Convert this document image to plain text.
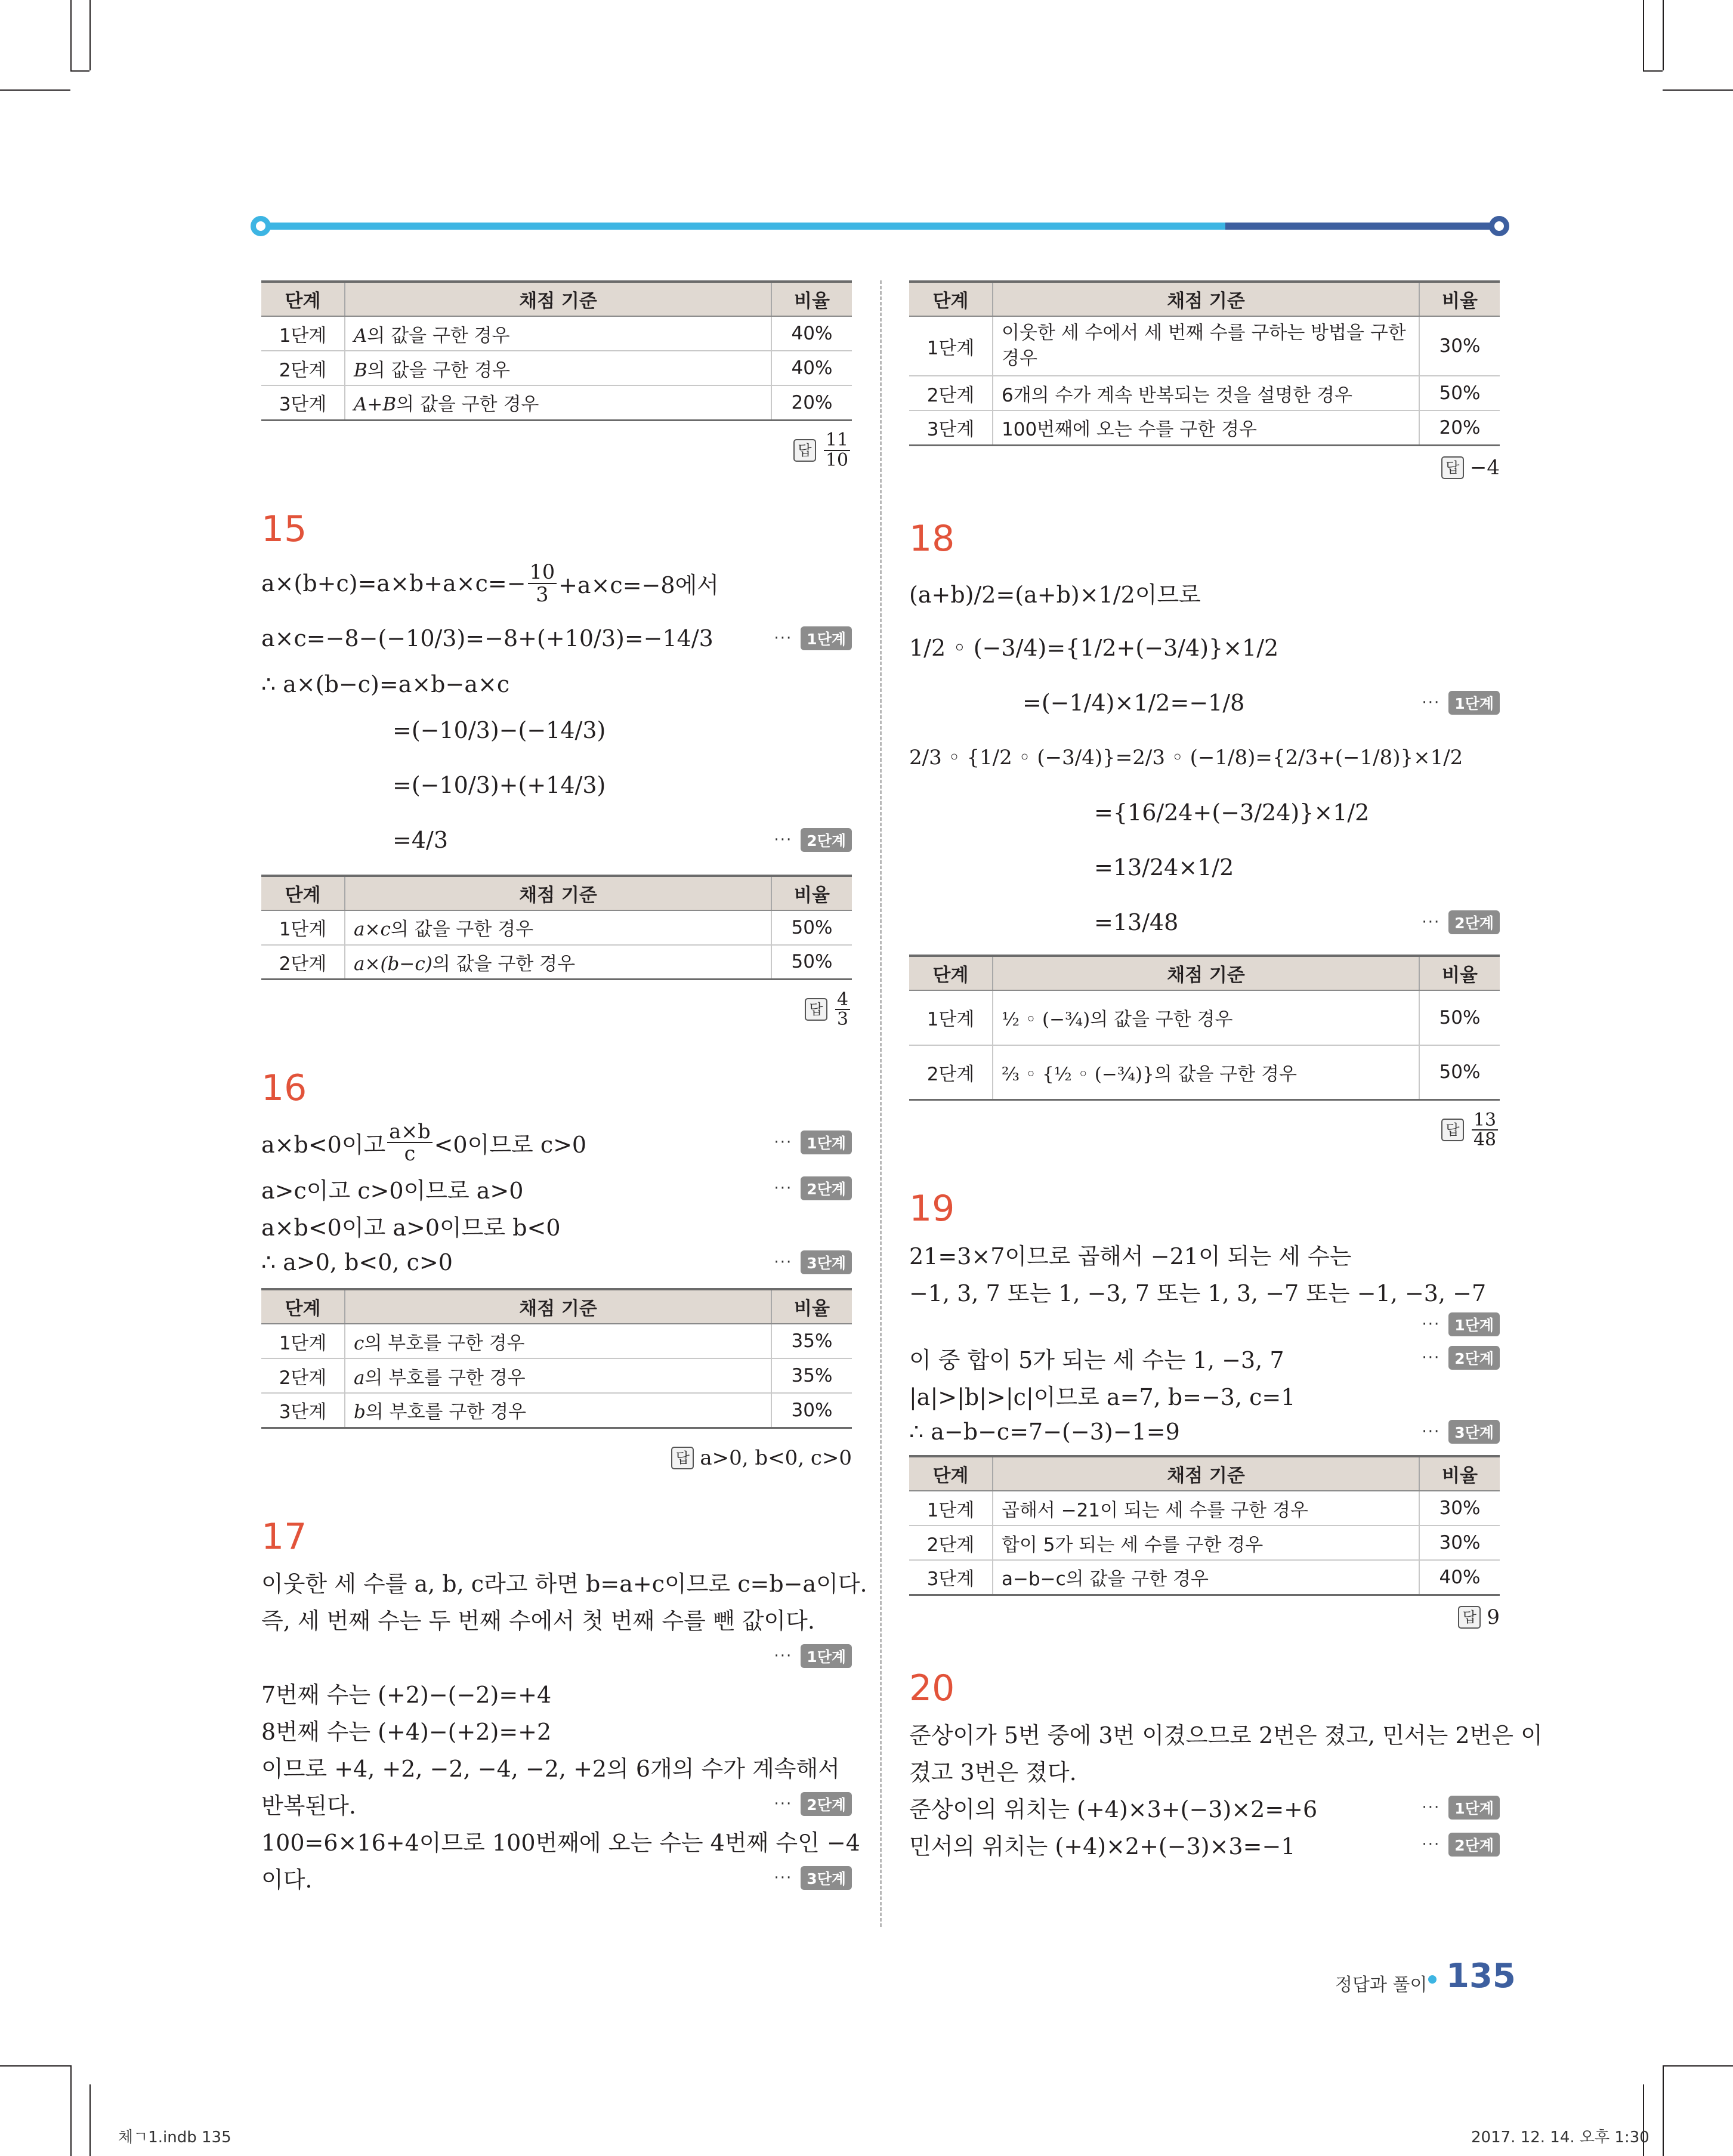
단계	채점 기준	비율
1단계	A의 값을 구한 경우	40%
2단계	B의 값을 구한 경우	40%
3단계	A+B의 값을 구한 경우	20%
답 $\frac{11}{10}$
15
$a\times(b+c)=a\times b+a\times c=- \frac{10}{3} +a\times c=-8$에서
a×c=−8−(−10/3)=−8+(+10/3)=−14/3	··· 1단계
∴ a×(b−c)=a×b−a×c
=(−10/3)−(−14/3)
=(−10/3)+(+14/3)
=4/3	··· 2단계
단계	채점 기준	비율
1단계	a×c의 값을 구한 경우	50%
2단계	a×(b−c)의 값을 구한 경우	50%
답 $\frac{4}{3}$
16
a×b<0이고 $\frac{a\times b}{c} <0$이므로 c>0	··· 1단계
a>c이고 c>0이므로 a>0	··· 2단계
a×b<0이고 a>0이므로 b<0
∴ a>0, b<0, c>0	··· 3단계
단계	채점 기준	비율
1단계	c의 부호를 구한 경우	35%
2단계	a의 부호를 구한 경우	35%
3단계	b의 부호를 구한 경우	30%
답 a>0, b<0, c>0
17
이웃한 세 수를 a, b, c라고 하면 b=a+c이므로 c=b−a이다.
즉, 세 번째 수는 두 번째 수에서 첫 번째 수를 뺀 값이다.
··· 1단계
7번째 수는 (+2)−(−2)=+4
8번째 수는 (+4)−(+2)=+2
이므로 +4, +2, −2, −4, −2, +2의 6개의 수가 계속해서
반복된다.	··· 2단계
100=6×16+4이므로 100번째에 오는 수는 4번째 수인 −4
이다.	··· 3단계
단계	채점 기준	비율
1단계	이웃한 세 수에서 세 번째 수를 구하는 방법을 구한 경우	30%
2단계	6개의 수가 계속 반복되는 것을 설명한 경우	50%
3단계	100번째에 오는 수를 구한 경우	20%
답 −4
18
(a+b)/2=(a+b)×1/2이므로
1/2 ◦ (−3/4)={1/2+(−3/4)}×1/2
=(−1/4)×1/2=−1/8	··· 1단계
2/3 ◦ {1/2 ◦ (−3/4)}=2/3 ◦ (−1/8)={2/3+(−1/8)}×1/2
={16/24+(−3/24)}×1/2
=13/24×1/2
=13/48	··· 2단계
단계	채점 기준	비율
1단계	½ ◦ (−¾)의 값을 구한 경우	50%
2단계	⅔ ◦ {½ ◦ (−¾)}의 값을 구한 경우	50%
답 $\frac{13}{48}$
19
21=3×7이므로 곱해서 −21이 되는 세 수는
−1, 3, 7 또는 1, −3, 7 또는 1, 3, −7 또는 −1, −3, −7
··· 1단계
이 중 합이 5가 되는 세 수는 1, −3, 7	··· 2단계
|a|>|b|>|c|이므로 a=7, b=−3, c=1
∴ a−b−c=7−(−3)−1=9	··· 3단계
단계	채점 기준	비율
1단계	곱해서 −21이 되는 세 수를 구한 경우	30%
2단계	합이 5가 되는 세 수를 구한 경우	30%
3단계	a−b−c의 값을 구한 경우	40%
답 9
20
준상이가 5번 중에 3번 이겼으므로 2번은 졌고, 민서는 2번은 이
겼고 3번은 졌다.
준상이의 위치는 (+4)×3+(−3)×2=+6	··· 1단계
민서의 위치는 (+4)×2+(−3)×3=−1	··· 2단계
정답과 풀이 135
체ㄱ1.indb 135	2017. 12. 14. 오후 1:30
